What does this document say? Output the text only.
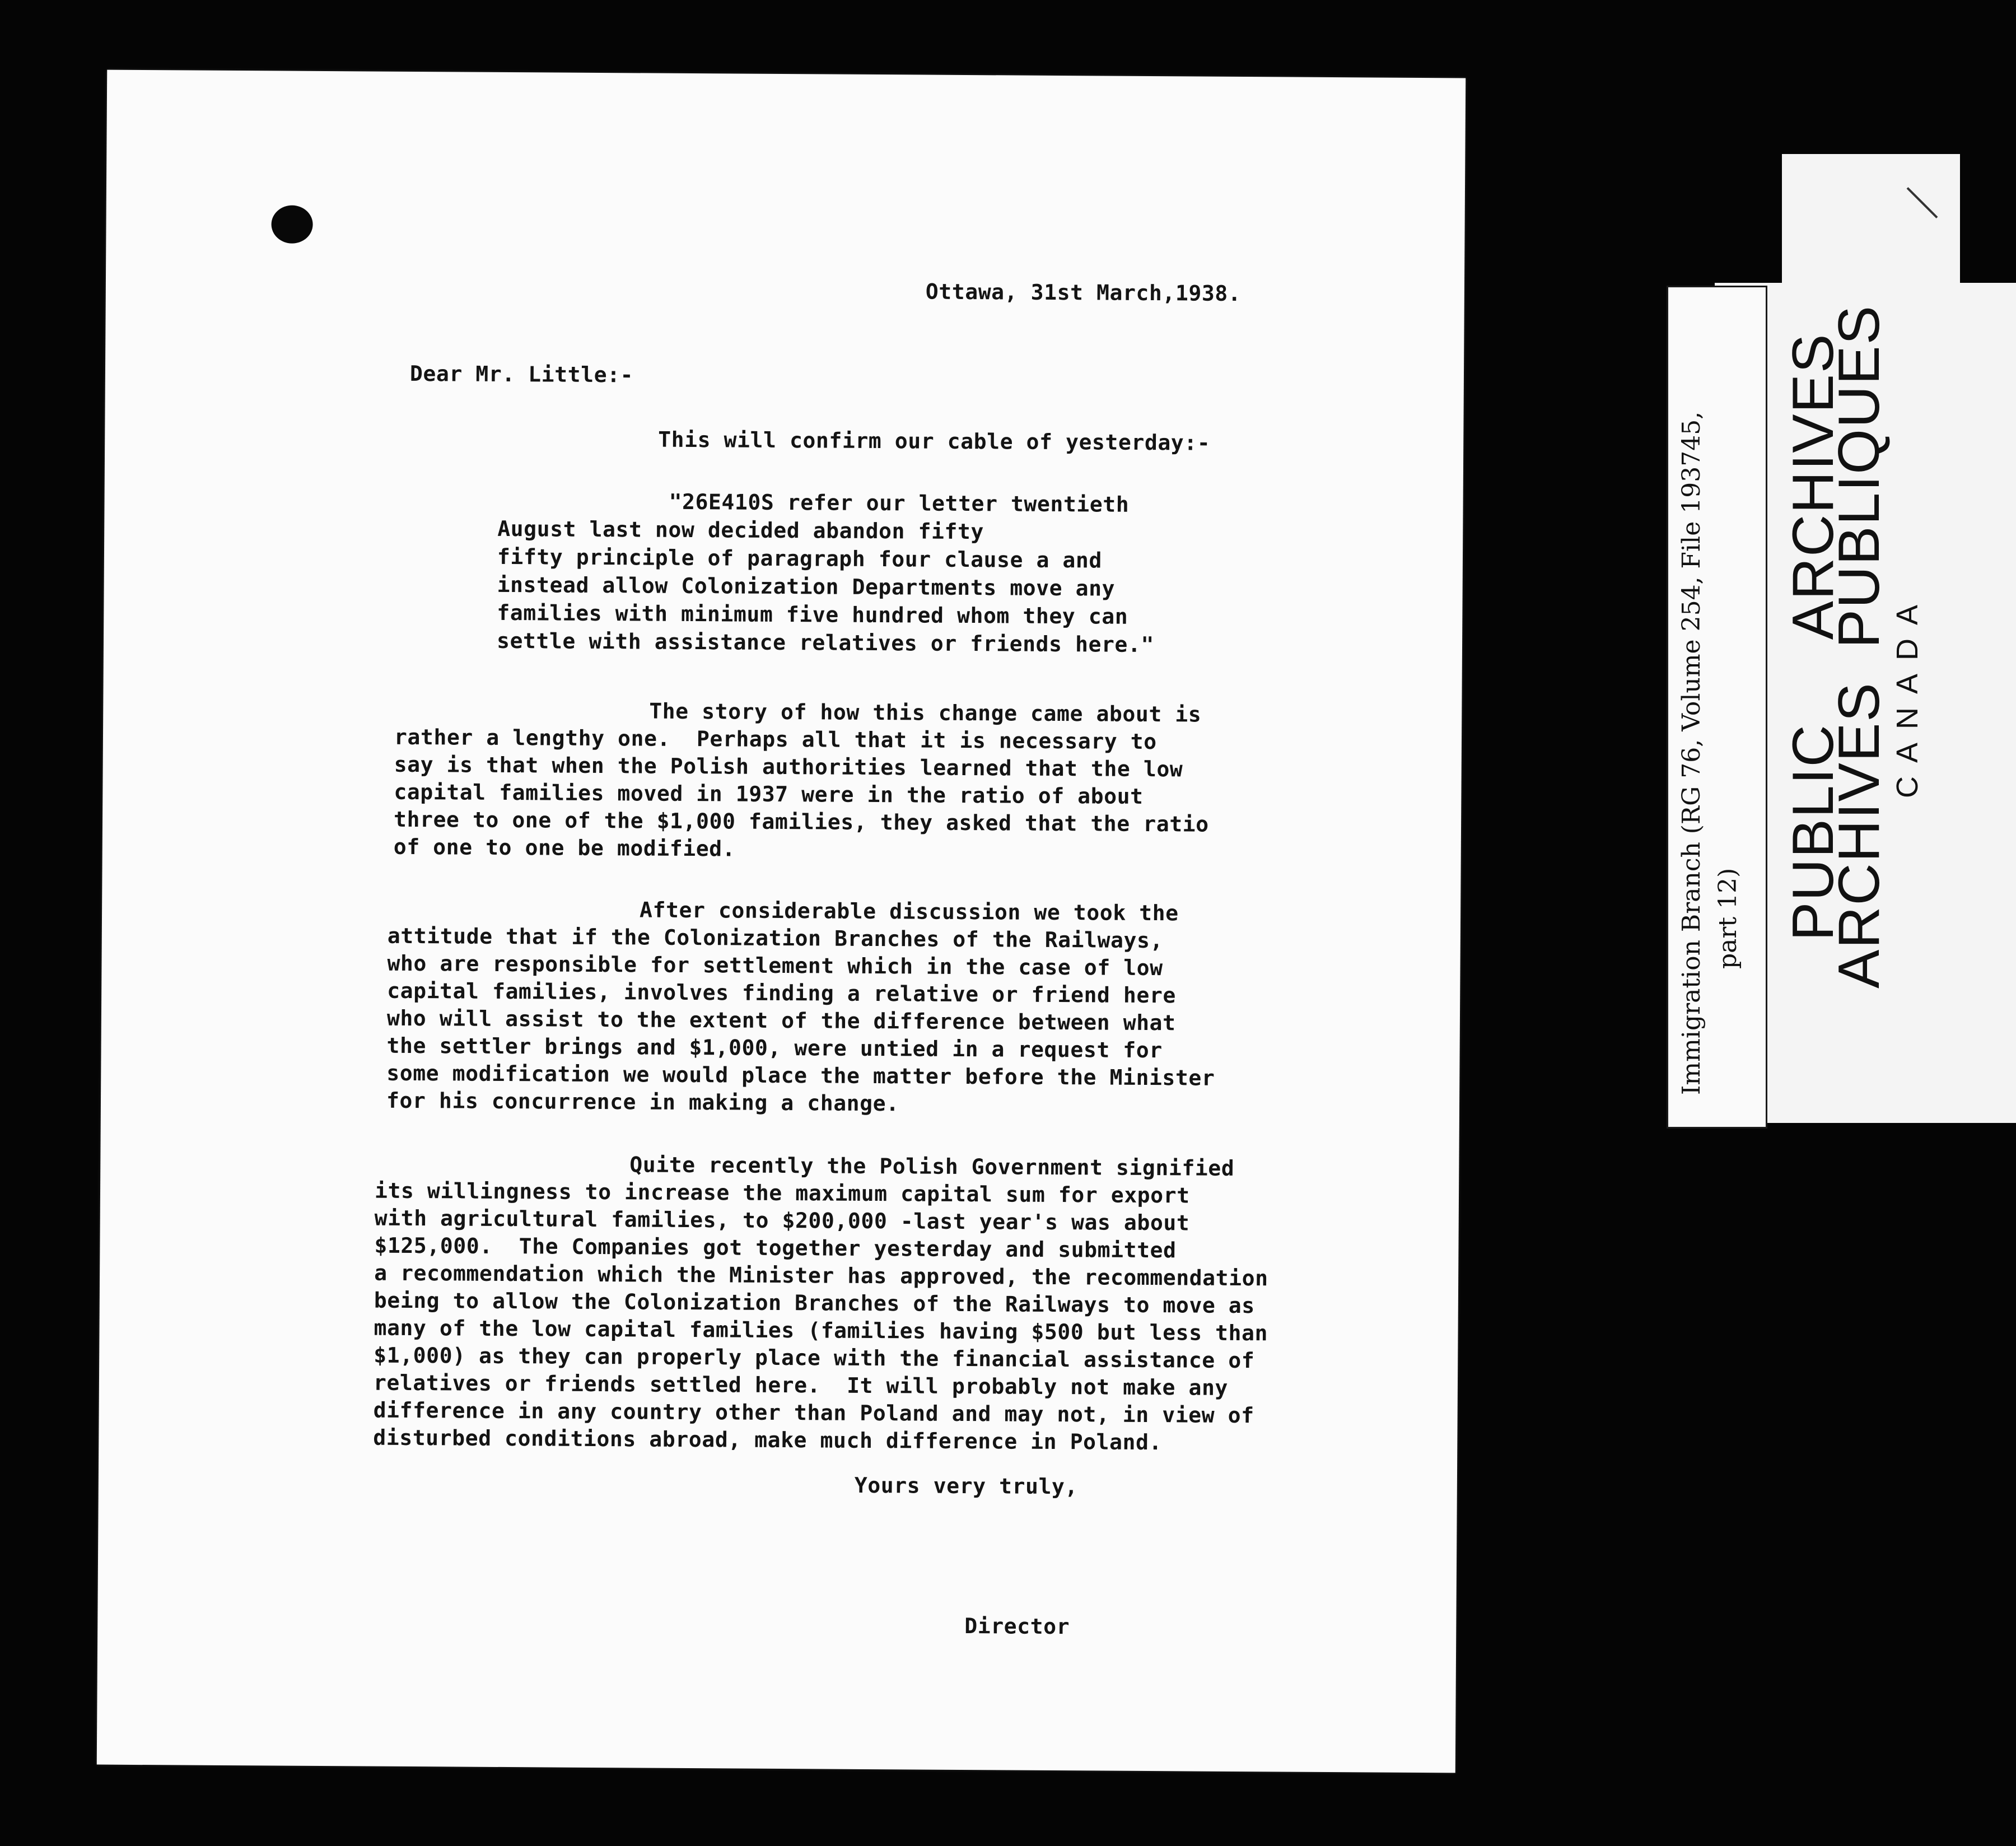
Ottawa, 31st March,1938.

Dear Mr. Little:-

This will confirm our cable of yesterday:-

"26E410S refer our letter twentieth

August last now decided abandon fifty

fifty principle of paragraph four clause a and

instead allow Colonization Departments move any

families with minimum five hundred whom they can

settle with assistance relatives or friends here."

The story of how this change came about is

rather a lengthy one.  Perhaps all that it is necessary to

say is that when the Polish authorities learned that the low

capital families moved in 1937 were in the ratio of about

three to one of the $1,000 families, they asked that the ratio

of one to one be modified.

After considerable discussion we took the

attitude that if the Colonization Branches of the Railways,

who are responsible for settlement which in the case of low

capital families, involves finding a relative or friend here

who will assist to the extent of the difference between what

the settler brings and $1,000, were untied in a request for

some modification we would place the matter before the Minister

for his concurrence in making a change.

Quite recently the Polish Government signified

its willingness to increase the maximum capital sum for export

with agricultural families, to $200,000 -last year's was about

$125,000.  The Companies got together yesterday and submitted

a recommendation which the Minister has approved, the recommendation

being to allow the Colonization Branches of the Railways to move as

many of the low capital families (families having $500 but less than

$1,000) as they can properly place with the financial assistance of

relatives or friends settled here.  It will probably not make any

difference in any country other than Poland and may not, in view of

disturbed conditions abroad, make much difference in Poland.

Yours very truly,

Director

Immigration Branch (RG 76, Volume 254, File 193745, part 12) PUBLICARCHIVES
ARCHIVESPUBLIQUES
CANADA
